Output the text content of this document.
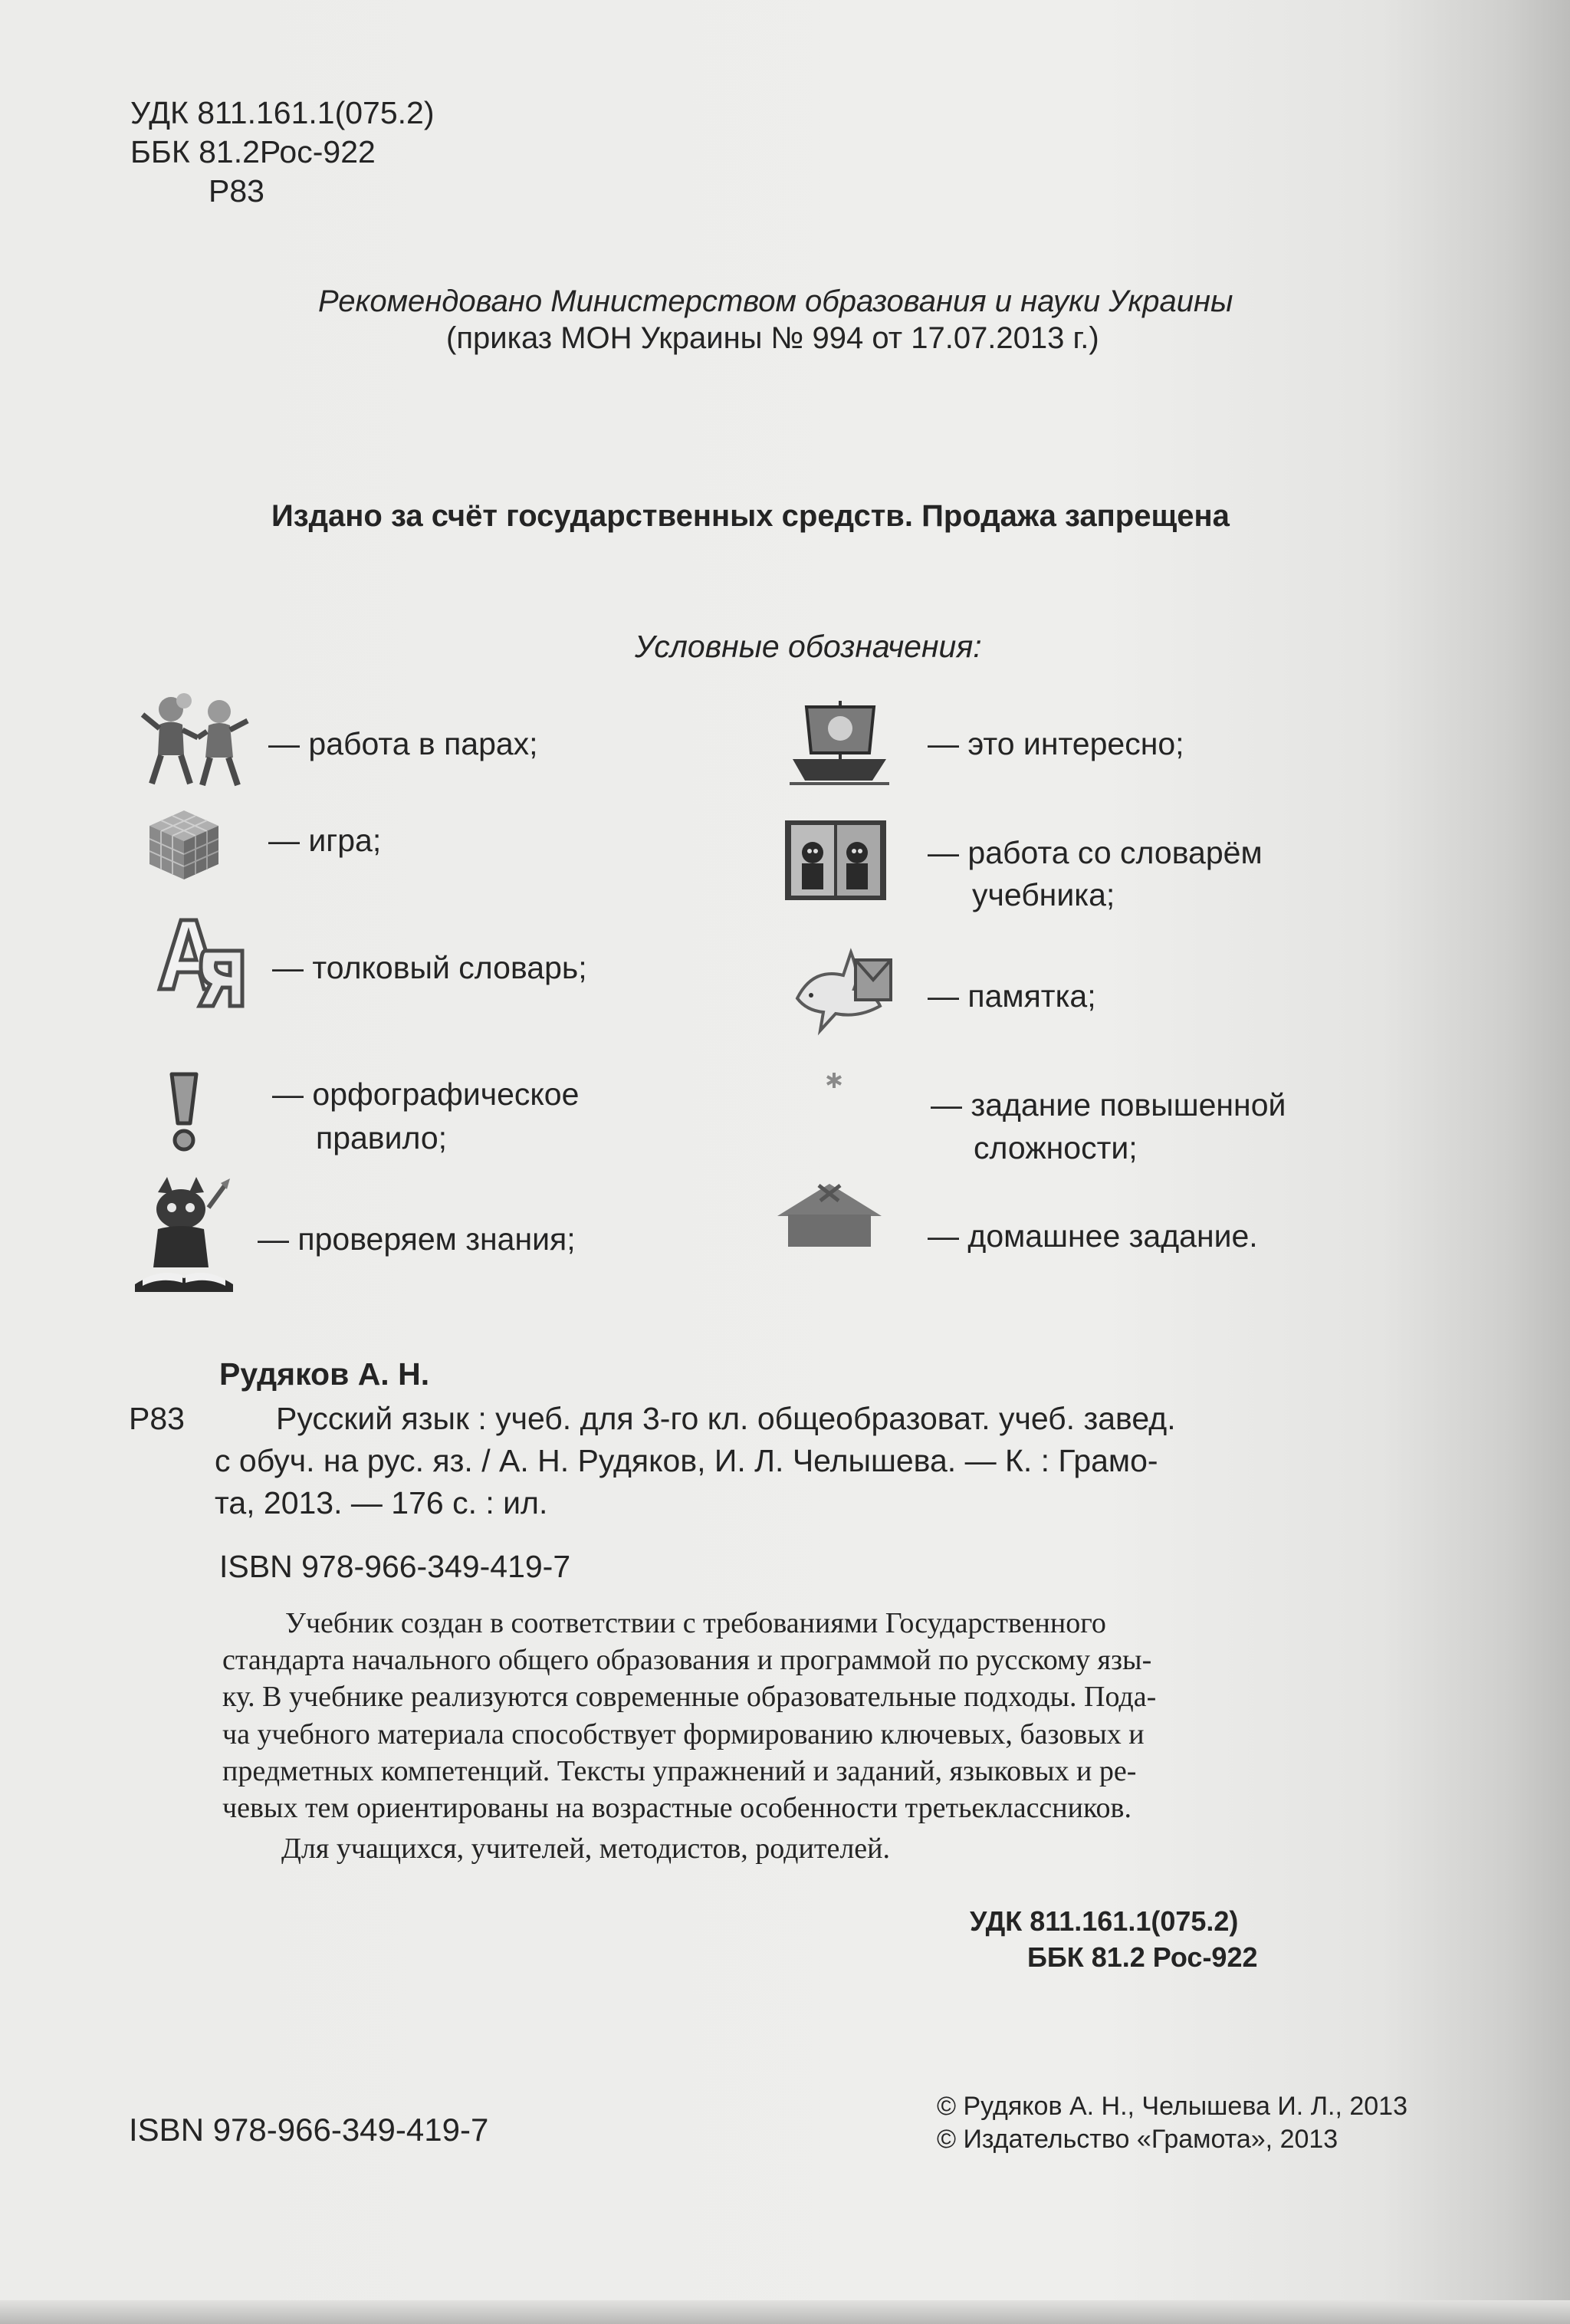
УДК 811.161.1(075.2)
ББК 81.2Рос-922
Р83
Рекомендовано Министерством образования и науки Украины
(приказ МОН Украины № 994 от 17.07.2013 г.)
Издано за счёт государственных средств. Продажа запрещена
Условные обозначения:
— работа в парах;
— игра;
— толковый словарь;
— орфографическое
правило;
— проверяем знания;
— это интересно;
— работа со словарём
учебника;
— памятка;
— задание повышенной
сложности;
— домашнее задание.
Рудяков А. Н.
Р83	Русский язык : учеб. для 3-го кл. общеобразоват. учеб. завед.
с обуч. на рус. яз. / А. Н. Рудяков, И. Л. Челышева. — К. : Грамо-
та, 2013. — 176 с. : ил.
ISBN 978-966-349-419-7
Учебник создан в соответствии с требованиями Государственного
стандарта начального общего образования и программой по русскому язы-
ку. В учебнике реализуются современные образовательные подходы. Пода-
ча учебного материала способствует формированию ключевых, базовых и
предметных компетенций. Тексты упражнений и заданий, языковых и ре-
чевых тем ориентированы на возрастные особенности третьеклассников.
Для учащихся, учителей, методистов, родителей.
УДК 811.161.1(075.2)
ББК 81.2 Рос-922
ISBN 978-966-349-419-7
© Рудяков А. Н., Челышева И. Л., 2013
© Издательство «Грамота», 2013
